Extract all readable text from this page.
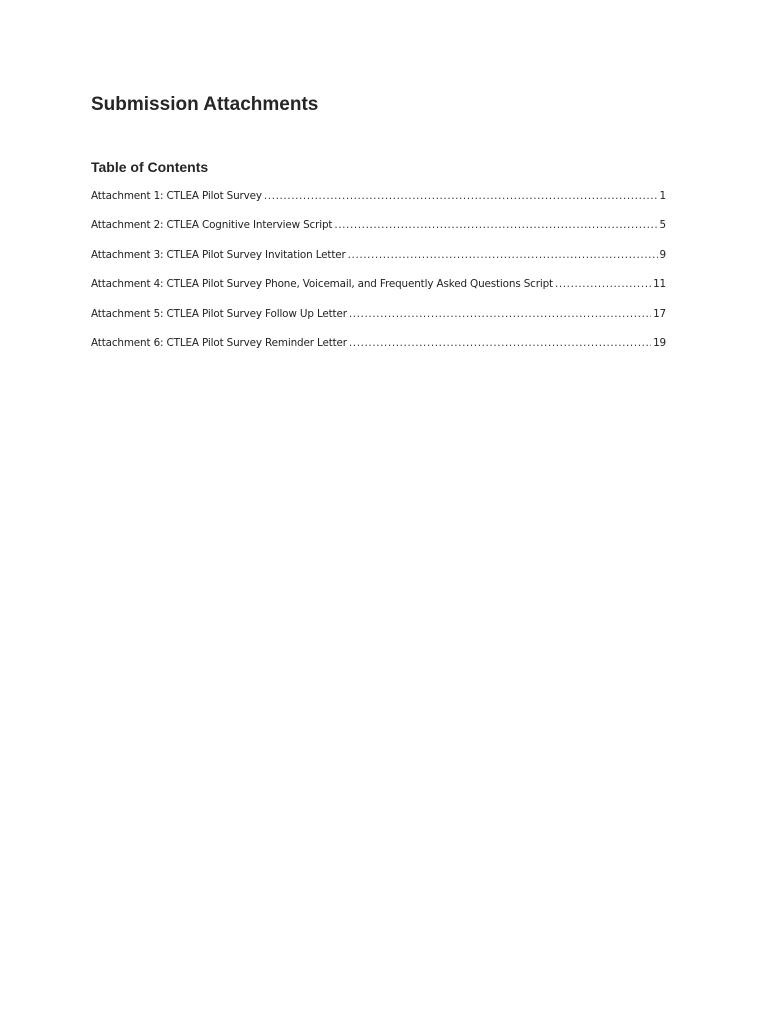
Submission Attachments
Table of Contents
Attachment 1: CTLEA Pilot Survey .....	1
Attachment 2: CTLEA Cognitive Interview Script .....	5
Attachment 3: CTLEA Pilot Survey Invitation Letter .....	9
Attachment 4: CTLEA Pilot Survey Phone, Voicemail, and Frequently Asked Questions Script .....	11
Attachment 5: CTLEA Pilot Survey Follow Up Letter .....	17
Attachment 6: CTLEA Pilot Survey Reminder Letter .....	19
